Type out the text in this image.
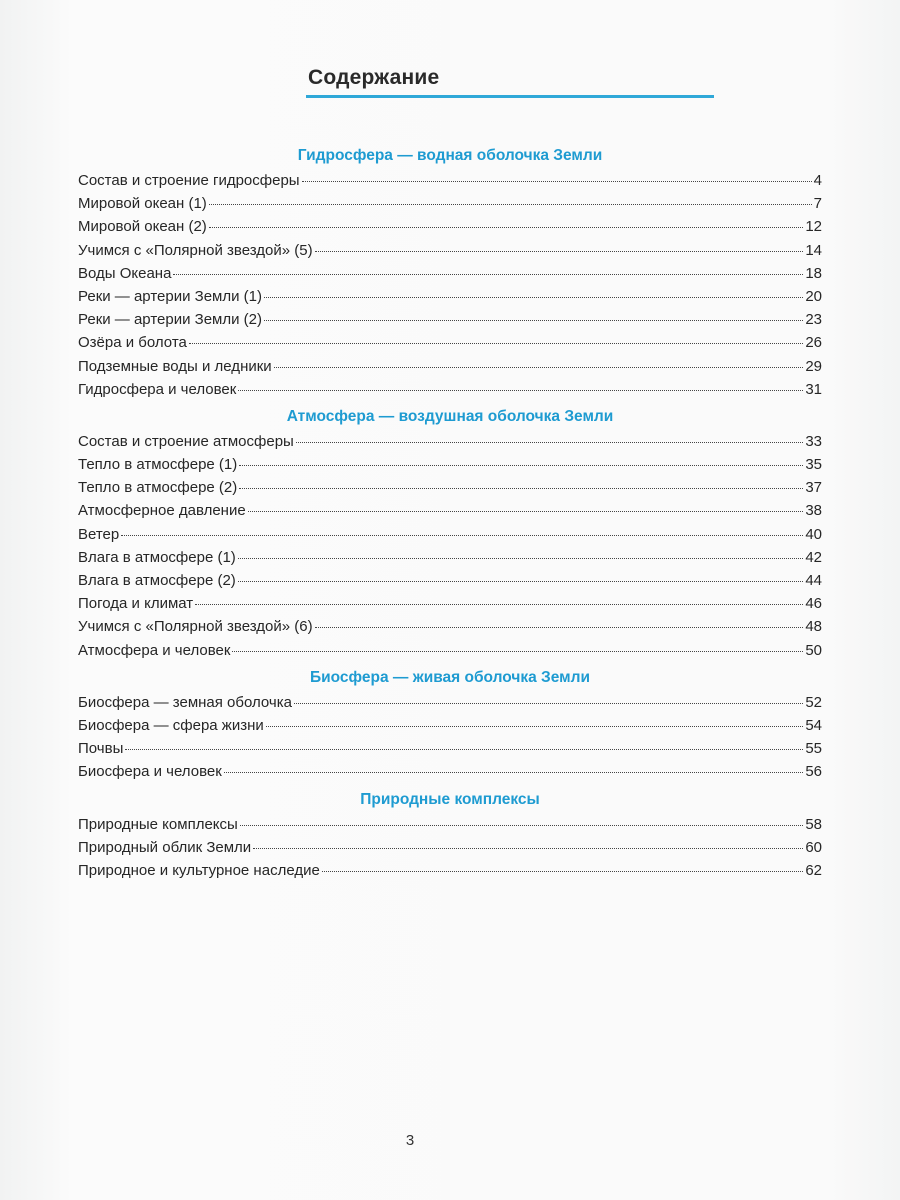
Содержание
Гидросфера — водная оболочка Земли
Состав и строение гидросферы	4
Мировой океан (1)	7
Мировой океан (2)	12
Учимся с «Полярной звездой» (5)	14
Воды Океана	18
Реки — артерии Земли (1)	20
Реки — артерии Земли (2)	23
Озёра и болота	26
Подземные воды и ледники	29
Гидросфера и человек	31
Атмосфера — воздушная оболочка Земли
Состав и строение атмосферы	33
Тепло в атмосфере (1)	35
Тепло в атмосфере (2)	37
Атмосферное давление	38
Ветер	40
Влага в атмосфере (1)	42
Влага в атмосфере (2)	44
Погода и климат	46
Учимся с «Полярной звездой» (6)	48
Атмосфера и человек	50
Биосфера — живая оболочка Земли
Биосфера — земная оболочка	52
Биосфера — сфера жизни	54
Почвы	55
Биосфера и человек	56
Природные комплексы
Природные комплексы	58
Природный облик Земли	60
Природное и культурное наследие	62
3
